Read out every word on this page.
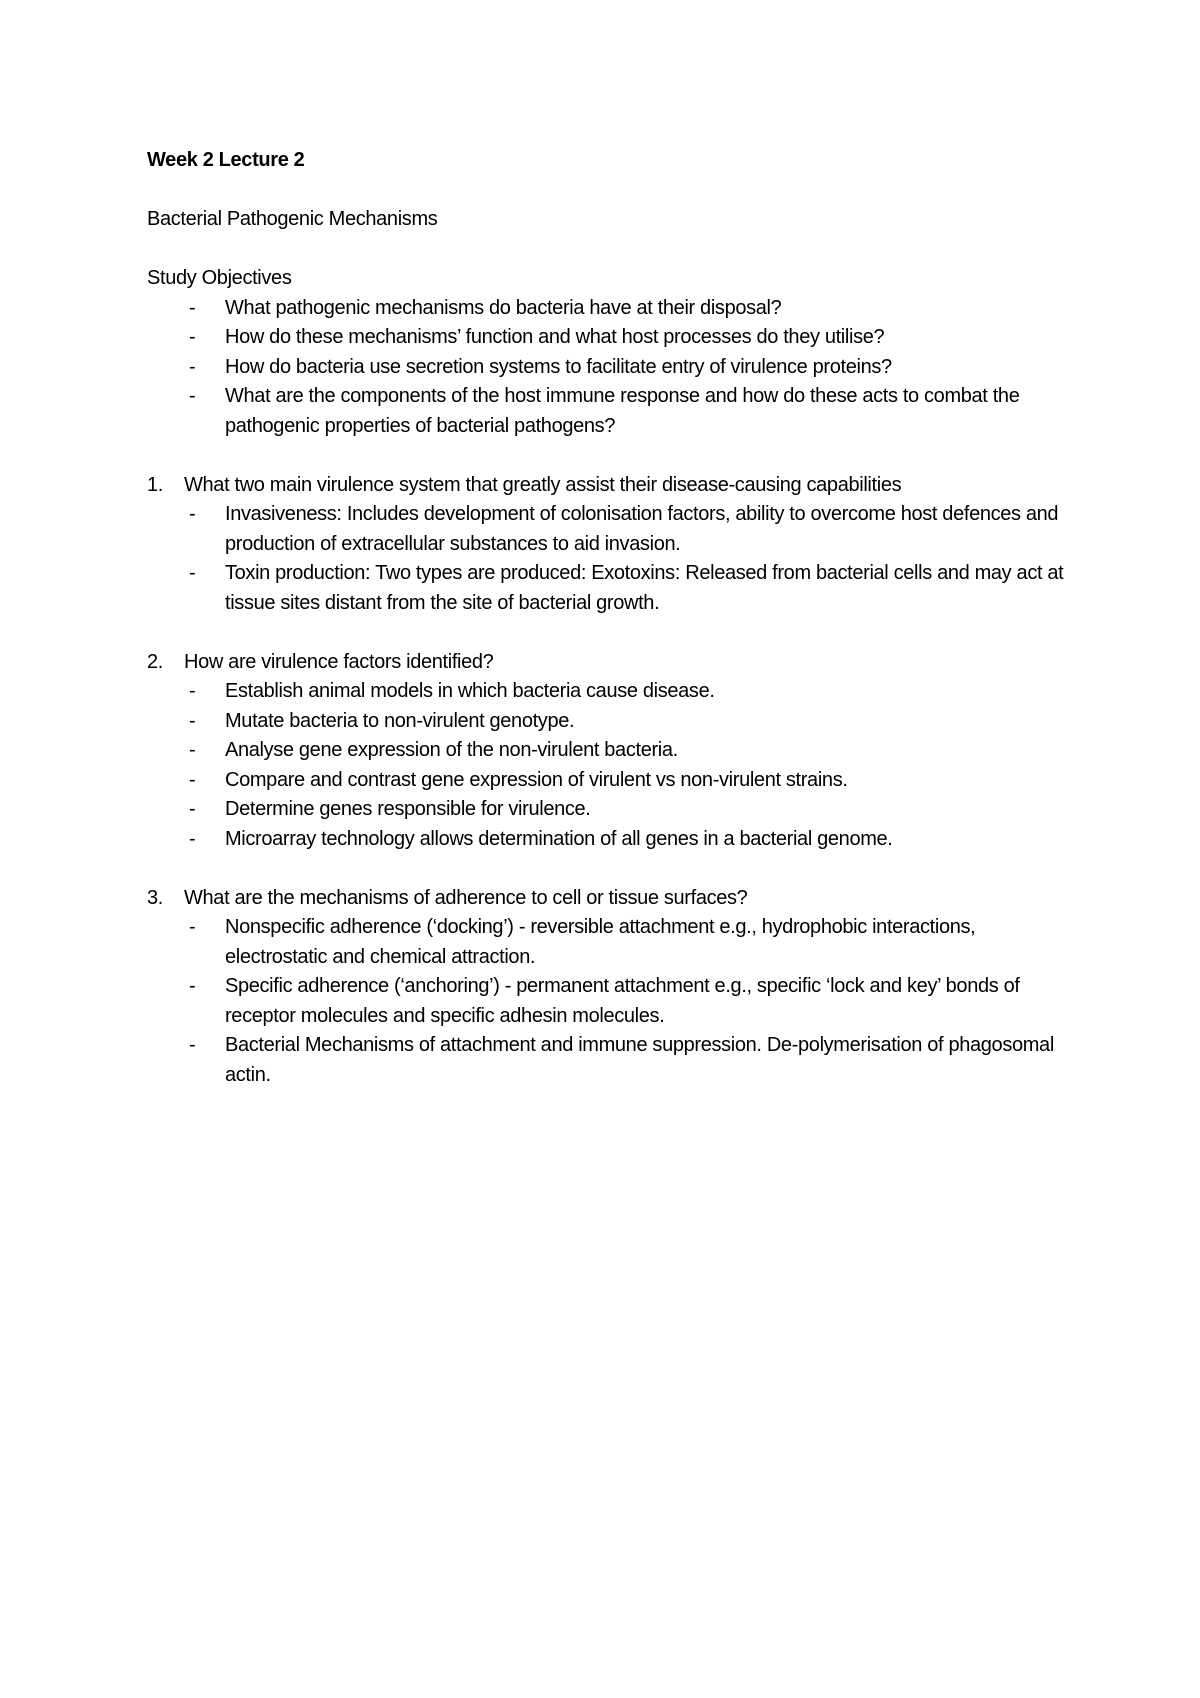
Week 2 Lecture 2

Bacterial Pathogenic Mechanisms

Study Objectives

- What pathogenic mechanisms do bacteria have at their disposal?
- How do these mechanisms’ function and what host processes do they utilise?
- How do bacteria use secretion systems to facilitate entry of virulence proteins?
- What are the components of the host immune response and how do these acts to combat the pathogenic properties of bacterial pathogens?
1. What two main virulence system that greatly assist their disease-causing capabilities
- Invasiveness: Includes development of colonisation factors, ability to overcome host defences and production of extracellular substances to aid invasion.
- Toxin production: Two types are produced: Exotoxins: Released from bacterial cells and may act at tissue sites distant from the site of bacterial growth.
2. How are virulence factors identified?
- Establish animal models in which bacteria cause disease.
- Mutate bacteria to non-virulent genotype.
- Analyse gene expression of the non-virulent bacteria.
- Compare and contrast gene expression of virulent vs non-virulent strains.
- Determine genes responsible for virulence.
- Microarray technology allows determination of all genes in a bacterial genome.
3. What are the mechanisms of adherence to cell or tissue surfaces?
- Nonspecific adherence (‘docking’) - reversible attachment e.g., hydrophobic interactions, electrostatic and chemical attraction.
- Specific adherence (‘anchoring’) - permanent attachment e.g., specific ‘lock and key’ bonds of receptor molecules and specific adhesin molecules.
- Bacterial Mechanisms of attachment and immune suppression. De-polymerisation of phagosomal actin.
